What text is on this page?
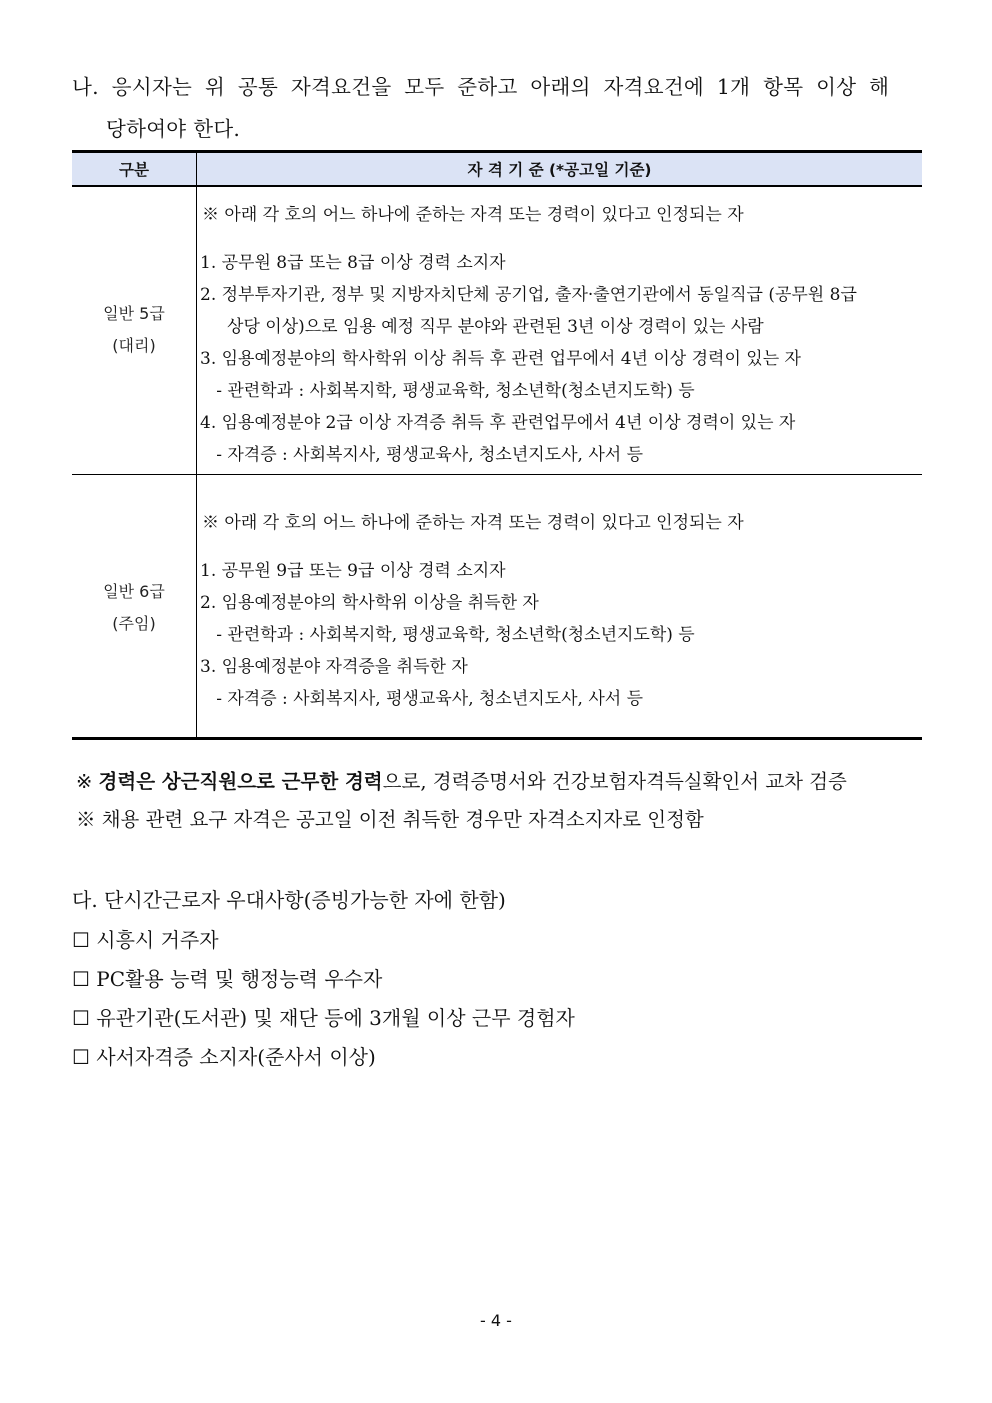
나. 응시자는 위 공통 자격요건을 모두 준하고 아래의 자격요건에 1개 항목 이상 해
당하여야 한다.
구분	자 격 기 준 (*공고일 기준)
일반 5급
(대리)
※ 아래 각 호의 어느 하나에 준하는 자격 또는 경력이 있다고 인정되는 자
1. 공무원 8급 또는 8급 이상 경력 소지자
2. 정부투자기관, 정부 및 지방자치단체 공기업, 출자·출연기관에서 동일직급 (공무원 8급
상당 이상)으로 임용 예정 직무 분야와 관련된 3년 이상 경력이 있는 사람
3. 임용예정분야의 학사학위 이상 취득 후 관련 업무에서 4년 이상 경력이 있는 자
- 관련학과 : 사회복지학, 평생교육학, 청소년학(청소년지도학) 등
4. 임용예정분야 2급 이상 자격증 취득 후 관련업무에서 4년 이상 경력이 있는 자
- 자격증 : 사회복지사, 평생교육사, 청소년지도사, 사서 등
일반 6급
(주임)
※ 아래 각 호의 어느 하나에 준하는 자격 또는 경력이 있다고 인정되는 자
1. 공무원 9급 또는 9급 이상 경력 소지자
2. 임용예정분야의 학사학위 이상을 취득한 자
- 관련학과 : 사회복지학, 평생교육학, 청소년학(청소년지도학) 등
3. 임용예정분야 자격증을 취득한 자
- 자격증 : 사회복지사, 평생교육사, 청소년지도사, 사서 등
※ 경력은 상근직원으로 근무한 경력으로, 경력증명서와 건강보험자격득실확인서 교차 검증
※ 채용 관련 요구 자격은 공고일 이전 취득한 경우만 자격소지자로 인정함
다. 단시간근로자 우대사항(증빙가능한 자에 한함)
☐ 시흥시 거주자
☐ PC활용 능력 및 행정능력 우수자
☐ 유관기관(도서관) 및 재단 등에 3개월 이상 근무 경험자
☐ 사서자격증 소지자(준사서 이상)
- 4 -
